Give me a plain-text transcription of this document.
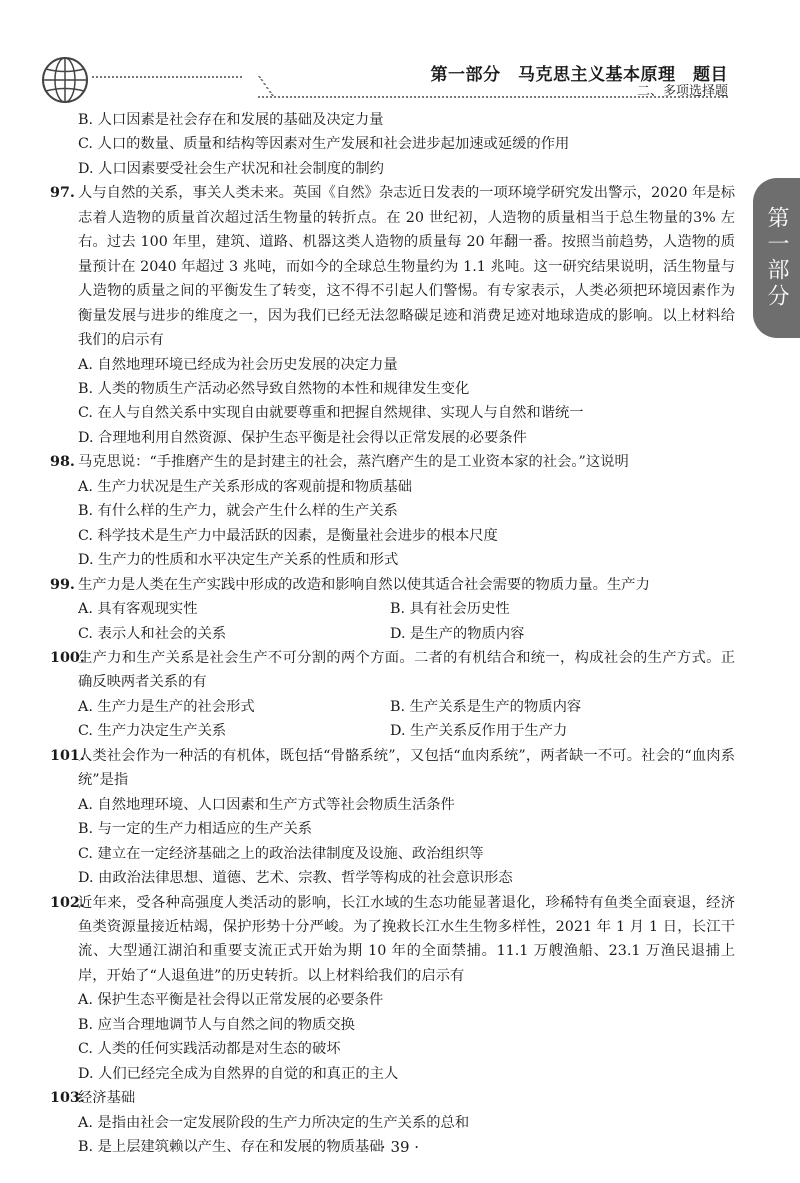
第一部分　马克思主义基本原理　题目
二、多项选择题
第一部分
B. 人口因素是社会存在和发展的基础及决定力量
C. 人口的数量、质量和结构等因素对生产发展和社会进步起加速或延缓的作用
D. 人口因素要受社会生产状况和社会制度的制约
97. 人与自然的关系，事关人类未来。英国《自然》杂志近日发表的一项环境学研究发出警示，2020 年是标志着人造物的质量首次超过活生物量的转折点。在 20 世纪初，人造物的质量相当于总生物量的3% 左右。过去 100 年里，建筑、道路、机器这类人造物的质量每 20 年翻一番。按照当前趋势，人造物的质量预计在 2040 年超过 3 兆吨，而如今的全球总生物量约为 1.1 兆吨。这一研究结果说明，活生物量与人造物的质量之间的平衡发生了转变，这不得不引起人们警惕。有专家表示，人类必须把环境因素作为衡量发展与进步的维度之一，因为我们已经无法忽略碳足迹和消费足迹对地球造成的影响。以上材料给我们的启示有
A. 自然地理环境已经成为社会历史发展的决定力量
B. 人类的物质生产活动必然导致自然物的本性和规律发生变化
C. 在人与自然关系中实现自由就要尊重和把握自然规律、实现人与自然和谐统一
D. 合理地利用自然资源、保护生态平衡是社会得以正常发展的必要条件
98. 马克思说：“手推磨产生的是封建主的社会，蒸汽磨产生的是工业资本家的社会。”这说明
A. 生产力状况是生产关系形成的客观前提和物质基础
B. 有什么样的生产力，就会产生什么样的生产关系
C. 科学技术是生产力中最活跃的因素，是衡量社会进步的根本尺度
D. 生产力的性质和水平决定生产关系的性质和形式
99. 生产力是人类在生产实践中形成的改造和影响自然以使其适合社会需要的物质力量。生产力
A. 具有客观现实性	B. 具有社会历史性
C. 表示人和社会的关系	D. 是生产的物质内容
100.
生产力和生产关系是社会生产不可分割的两个方面。二者的有机结合和统一，构成社会的生产方式。正确反映两者关系的有
A. 生产力是生产的社会形式	B. 生产关系是生产的物质内容
C. 生产力决定生产关系	D. 生产关系反作用于生产力
101.
人类社会作为一种活的有机体，既包括“骨骼系统”，又包括“血肉系统”，两者缺一不可。社会的“血肉系统”是指
A. 自然地理环境、人口因素和生产方式等社会物质生活条件
B. 与一定的生产力相适应的生产关系
C. 建立在一定经济基础之上的政治法律制度及设施、政治组织等
D. 由政治法律思想、道德、艺术、宗教、哲学等构成的社会意识形态
102.
近年来，受各种高强度人类活动的影响，长江水域的生态功能显著退化，珍稀特有鱼类全面衰退，经济鱼类资源量接近枯竭，保护形势十分严峻。为了挽救长江水生生物多样性，2021 年 1 月 1 日，长江干流、大型通江湖泊和重要支流正式开始为期 10 年的全面禁捕。11.1 万艘渔船、23.1 万渔民退捕上岸，开始了“人退鱼进”的历史转折。以上材料给我们的启示有
A. 保护生态平衡是社会得以正常发展的必要条件
B. 应当合理地调节人与自然之间的物质交换
C. 人类的任何实践活动都是对生态的破坏
D. 人们已经完全成为自然界的自觉的和真正的主人
103.
经济基础
A. 是指由社会一定发展阶段的生产力所决定的生产关系的总和
B. 是上层建筑赖以产生、存在和发展的物质基础
· 39 ·
